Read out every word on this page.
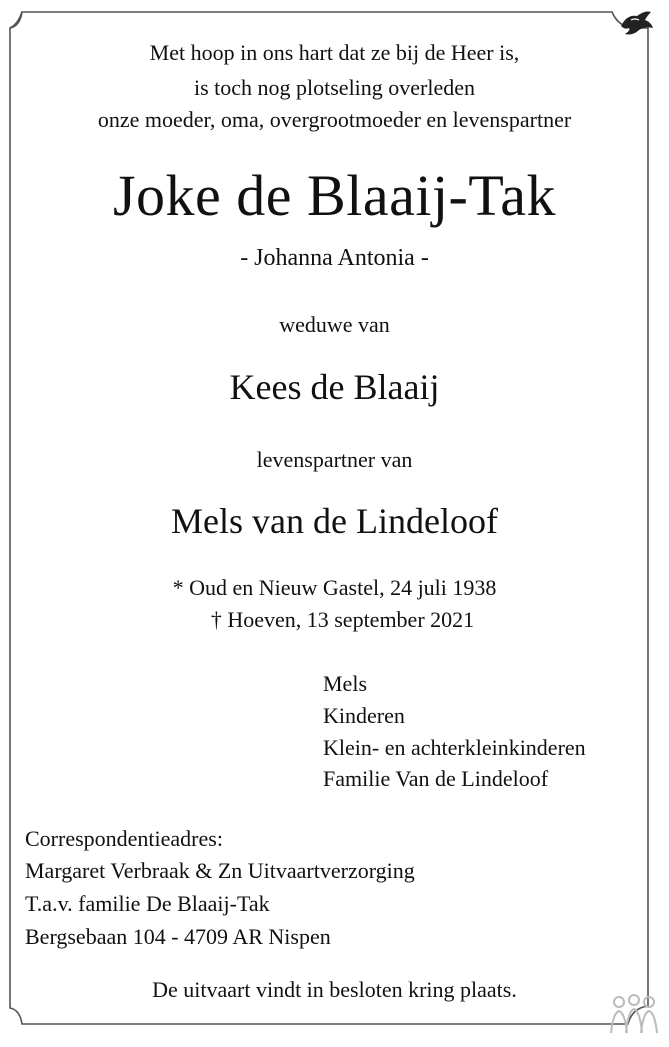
Met hoop in ons hart dat ze bij de Heer is,
is toch nog plotseling overleden
onze moeder, oma, overgrootmoeder en levenspartner
Joke de Blaaij-Tak
- Johanna Antonia -
weduwe van
Kees de Blaaij
levenspartner van
Mels van de Lindeloof
* Oud en Nieuw Gastel, 24 juli 1938
† Hoeven, 13 september 2021
Mels
Kinderen
Klein- en achterkleinkinderen
Familie Van de Lindeloof
Correspondentieadres:
Margaret Verbraak & Zn Uitvaartverzorging
T.a.v. familie De Blaaij-Tak
Bergsebaan 104 - 4709 AR Nispen
De uitvaart vindt in besloten kring plaats.
